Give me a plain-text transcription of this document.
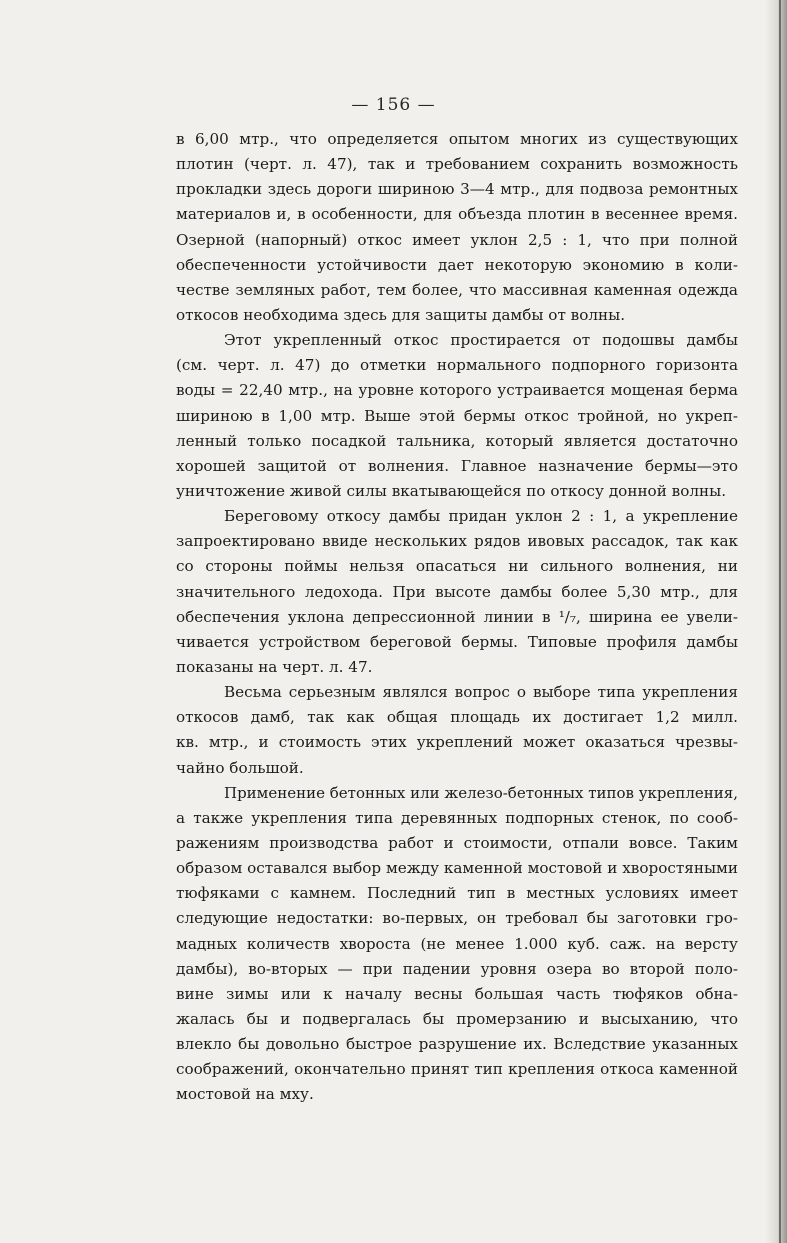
— 156 —
в 6,00 мтр., что определяется опытом многих из существующих
плотин (черт. л. 47), так и требованием сохранить возможность
прокладки здесь дороги шириною 3—4 мтр., для подвоза ремонтных
материалов и, в особенности, для объезда плотин в весеннее время.
Озерной (напорный) откос имеет уклон 2,5 : 1, что при полной
обеспеченности устойчивости дает некоторую экономию в коли-
честве земляных работ, тем более, что массивная каменная одежда
откосов необходима здесь для защиты дамбы от волны.
Этот укрепленный откос простирается от подошвы дамбы
(см. черт. л. 47) до отметки нормального подпорного горизонта
воды = 22,40 мтр., на уровне которого устраивается мощеная берма
шириною в 1,00 мтр. Выше этой бермы откос тройной, но укреп-
ленный только посадкой тальника, который является достаточно
хорошей защитой от волнения. Главное назначение бермы—это
уничтожение живой силы вкатывающейся по откосу донной волны.
Береговому откосу дамбы придан уклон 2 : 1, а укрепление
запроектировано ввиде нескольких рядов ивовых рассадок, так как
со стороны поймы нельзя опасаться ни сильного волнения, ни
значительного ледохода. При высоте дамбы более 5,30 мтр., для
обеспечения уклона депрессионной линии в ¹/₇, ширина ее увели-
чивается устройством береговой бермы. Типовые профиля дамбы
показаны на черт. л. 47.
Весьма серьезным являлся вопрос о выборе типа укрепления
откосов дамб, так как общая площадь их достигает 1,2 милл.
кв. мтр., и стоимость этих укреплений может оказаться чрезвы-
чайно большой.
Применение бетонных или железо-бетонных типов укрепления,
а также укрепления типа деревянных подпорных стенок, по сооб-
ражениям производства работ и стоимости, отпали вовсе. Таким
образом оставался выбор между каменной мостовой и хворостяными
тюфяками с камнем. Последний тип в местных условиях имеет
следующие недостатки: во-первых, он требовал бы заготовки гро-
мадных количеств хвороста (не менее 1.000 куб. саж. на версту
дамбы), во-вторых — при падении уровня озера во второй поло-
вине зимы или к началу весны большая часть тюфяков обна-
жалась бы и подвергалась бы промерзанию и высыханию, что
влекло бы довольно быстрое разрушение их. Вследствие указанных
соображений, окончательно принят тип крепления откоса каменной
мостовой на мху.
